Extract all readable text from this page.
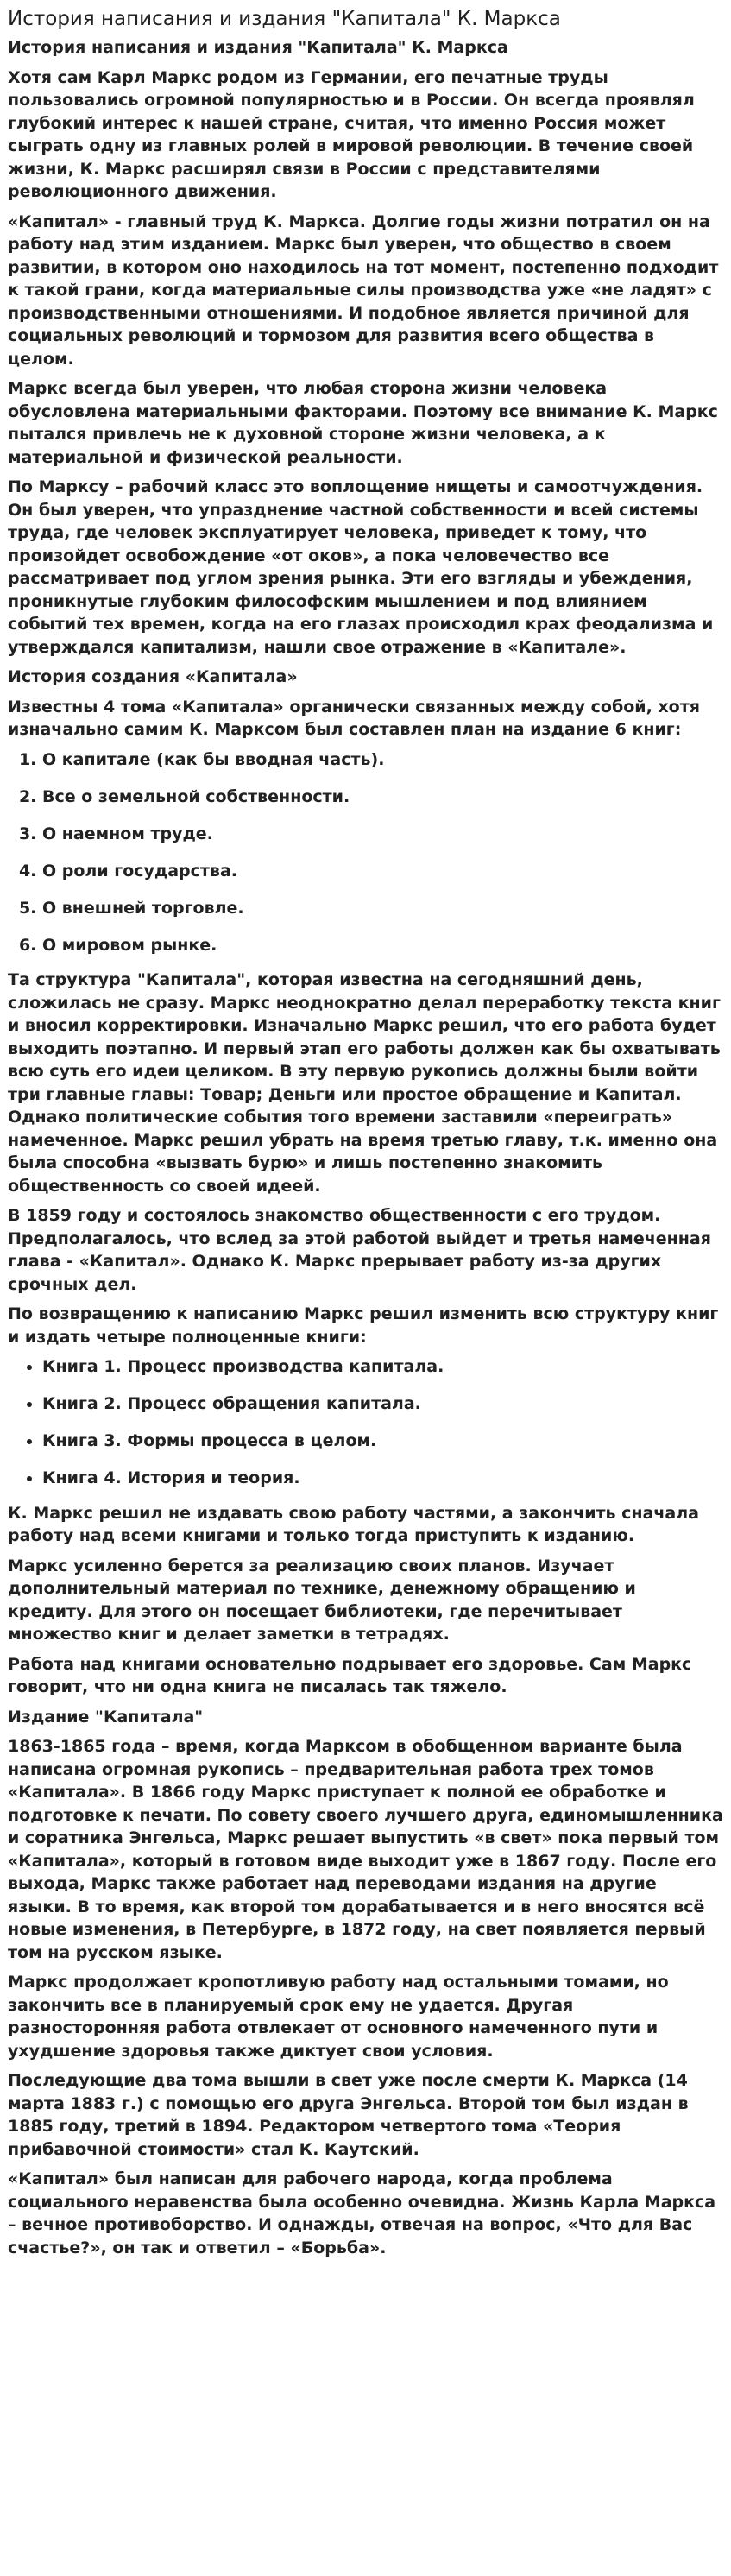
История написания и издания "Капитала" К. Маркса

История написания и издания "Капитала" К. Маркса

Хотя сам Карл Маркс родом из Германии, его печатные труды пользовались огромной популярностью и в России. Он всегда проявлял глубокий интерес к нашей стране, считая, что именно Россия может сыграть одну из главных ролей в мировой революции. В течение своей жизни, К. Маркс расширял связи в России с представителями революционного движения.

«Капитал» - главный труд К. Маркса. Долгие годы жизни потратил он на работу над этим изданием. Маркс был уверен, что общество в своем развитии, в котором оно находилось на тот момент, постепенно подходит к такой грани, когда материальные силы производства уже «не ладят» с производственными отношениями. И подобное является причиной для социальных революций и тормозом для развития всего общества в целом.

Маркс всегда был уверен, что любая сторона жизни человека обусловлена материальными факторами. Поэтому все внимание К. Маркс пытался привлечь не к духовной стороне жизни человека, а к материальной и физической реальности.

По Марксу – рабочий класс это воплощение нищеты и самоотчуждения. Он был уверен, что упразднение частной собственности и всей системы труда, где человек эксплуатирует человека, приведет к тому, что произойдет освобождение «от оков», а пока человечество все рассматривает под углом зрения рынка. Эти его взгляды и убеждения, проникнутые глубоким философским мышлением и под влиянием событий тех времен, когда на его глазах происходил крах феодализма и утверждался капитализм, нашли свое отражение в «Капитале».

История создания «Капитала»

Известны 4 тома «Капитала» органически связанных между собой, хотя изначально самим К. Марксом был составлен план на издание 6 книг:

1. О капитале (как бы вводная часть).
2. Все о земельной собственности.
3. О наемном труде.
4. О роли государства.
5. О внешней торговле.
6. О мировом рынке.

Та структура "Капитала", которая известна на сегодняшний день, сложилась не сразу. Маркс неоднократно делал переработку текста книг и вносил корректировки. Изначально Маркс решил, что его работа будет выходить поэтапно. И первый этап его работы должен как бы охватывать всю суть его идеи целиком. В эту первую рукопись должны были войти три главные главы: Товар; Деньги или простое обращение и Капитал. Однако политические события того времени заставили «переиграть» намеченное. Маркс решил убрать на время третью главу, т.к. именно она была способна «вызвать бурю» и лишь постепенно знакомить общественность со своей идеей.

В 1859 году и состоялось знакомство общественности с его трудом. Предполагалось, что вслед за этой работой выйдет и третья намеченная глава - «Капитал». Однако К. Маркс прерывает работу из-за других срочных дел.

По возвращению к написанию Маркс решил изменить всю структуру книг и издать четыре полноценные книги:

• Книга 1. Процесс производства капитала.
• Книга 2. Процесс обращения капитала.
• Книга 3. Формы процесса в целом.
• Книга 4. История и теория.

К. Маркс решил не издавать свою работу частями, а закончить сначала работу над всеми книгами и только тогда приступить к изданию.

Маркс усиленно берется за реализацию своих планов. Изучает дополнительный материал по технике, денежному обращению и кредиту. Для этого он посещает библиотеки, где перечитывает множество книг и делает заметки в тетрадях.

Работа над книгами основательно подрывает его здоровье. Сам Маркс говорит, что ни одна книга не писалась так тяжело.

Издание "Капитала"

1863-1865 года – время, когда Марксом в обобщенном варианте была написана огромная рукопись – предварительная работа трех томов «Капитала». В 1866 году Маркс приступает к полной ее обработке и подготовке к печати. По совету своего лучшего друга, единомышленника и соратника Энгельса, Маркс решает выпустить «в свет» пока первый том «Капитала», который в готовом виде выходит уже в 1867 году. После его выхода, Маркс также работает над переводами издания на другие языки. В то время, как второй том дорабатывается и в него вносятся всё новые изменения, в Петербурге, в 1872 году, на свет появляется первый том на русском языке.

Маркс продолжает кропотливую работу над остальными томами, но закончить все в планируемый срок ему не удается. Другая разносторонняя работа отвлекает от основного намеченного пути и ухудшение здоровья также диктует свои условия.

Последующие два тома вышли в свет уже после смерти К. Маркса (14 марта 1883 г.) с помощью его друга Энгельса. Второй том был издан в 1885 году, третий в 1894. Редактором четвертого тома «Теория прибавочной стоимости» стал К. Каутский.

«Капитал» был написан для рабочего народа, когда проблема социального неравенства была особенно очевидна. Жизнь Карла Маркса – вечное противоборство. И однажды, отвечая на вопрос, «Что для Вас счастье?», он так и ответил – «Борьба».
